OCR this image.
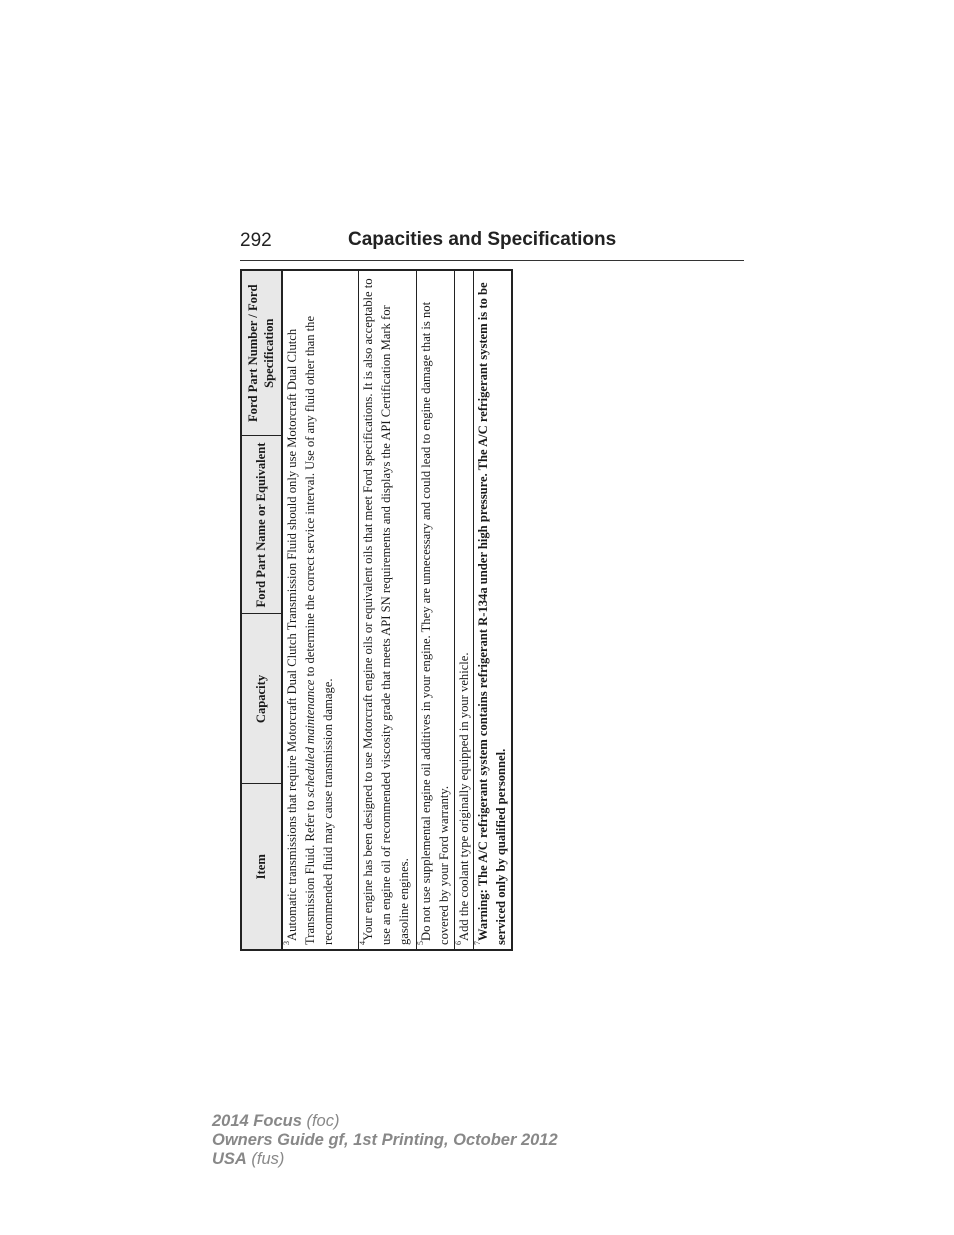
292	Capacities and Specifications
Item	Capacity	Ford Part Name or Equivalent	Ford Part Number / Ford Specification
$^3$Automatic transmissions that require Motorcraft Dual Clutch Transmission Fluid should only use Motorcraft Dual Clutch Transmission Fluid. Refer to scheduled maintenance to determine the correct service interval. Use of any fluid other than the recommended fluid may cause transmission damage.
$^4$Your engine has been designed to use Motorcraft engine oils or equivalent oils that meet Ford specifications. It is also acceptable to use an engine oil of recommended viscosity grade that meets API SN requirements and displays the API Certification Mark for gasoline engines.
$^5$Do not use supplemental engine oil additives in your engine. They are unnecessary and could lead to engine damage that is not covered by your Ford warranty.
$^6$Add the coolant type originally equipped in your vehicle.
$^7$Warning: The A/C refrigerant system contains refrigerant R-134a under high pressure. The A/C refrigerant system is to be serviced only by qualified personnel.
2014 Focus (foc)
Owners Guide gf, 1st Printing, October 2012
USA (fus)
